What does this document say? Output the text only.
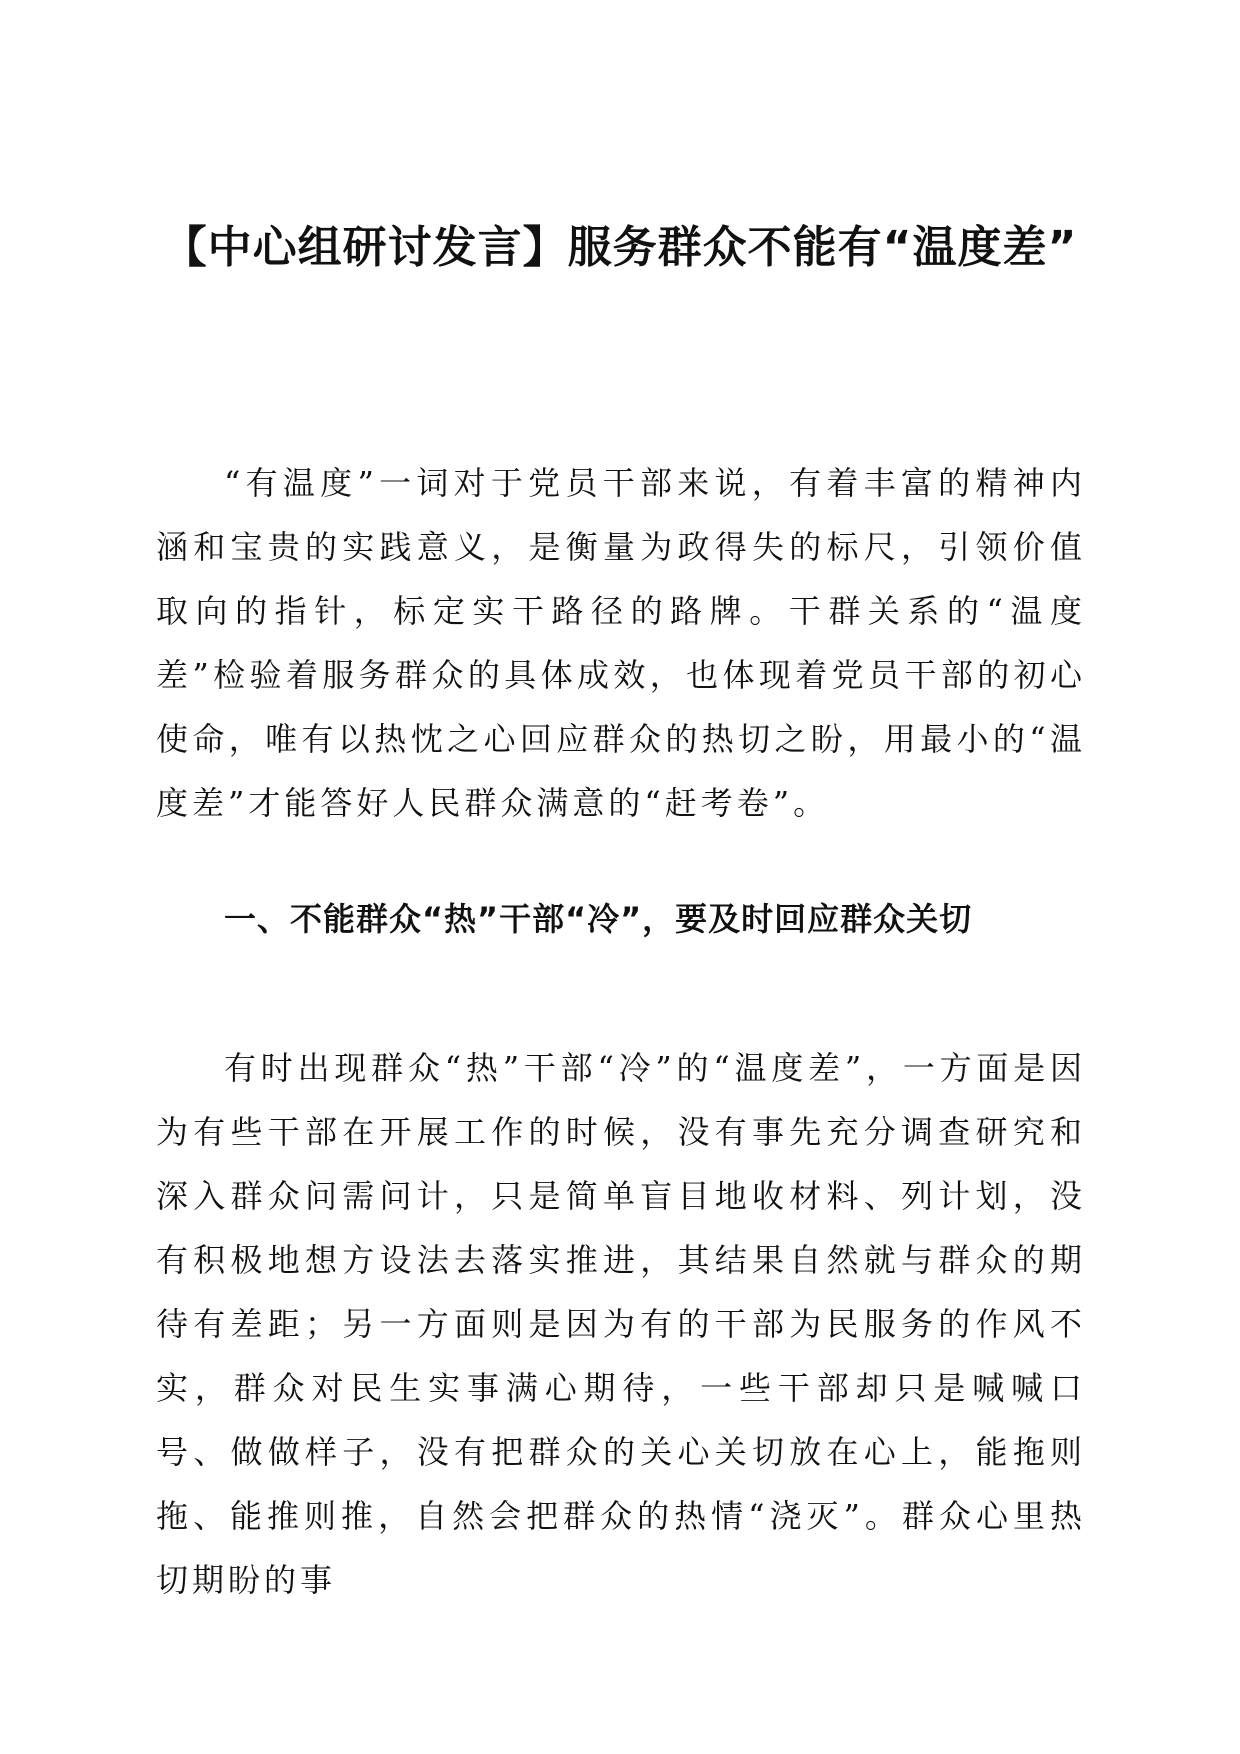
【中心组研讨发言】服务群众不能有“温度差”

“有温度”一词对于党员干部来说，有着丰富的精神内涵和宝贵的实践意义，是衡量为政得失的标尺，引领价值取向的指针，标定实干路径的路牌。干群关系的“温度差”检验着服务群众的具体成效，也体现着党员干部的初心使命，唯有以热忱之心回应群众的热切之盼，用最小的“温度差”才能答好人民群众满意的“赶考卷”。

一、不能群众“热”干部“冷”，要及时回应群众关切

有时出现群众“热”干部“冷”的“温度差”，一方面是因为有些干部在开展工作的时候，没有事先充分调查研究和深入群众问需问计，只是简单盲目地收材料、列计划，没有积极地想方设法去落实推进，其结果自然就与群众的期待有差距；另一方面则是因为有的干部为民服务的作风不实，群众对民生实事满心期待，一些干部却只是喊喊口号、做做样子，没有把群众的关心关切放在心上，能拖则拖、能推则推，自然会把群众的热情“浇灭”。群众心里热切期盼的事
